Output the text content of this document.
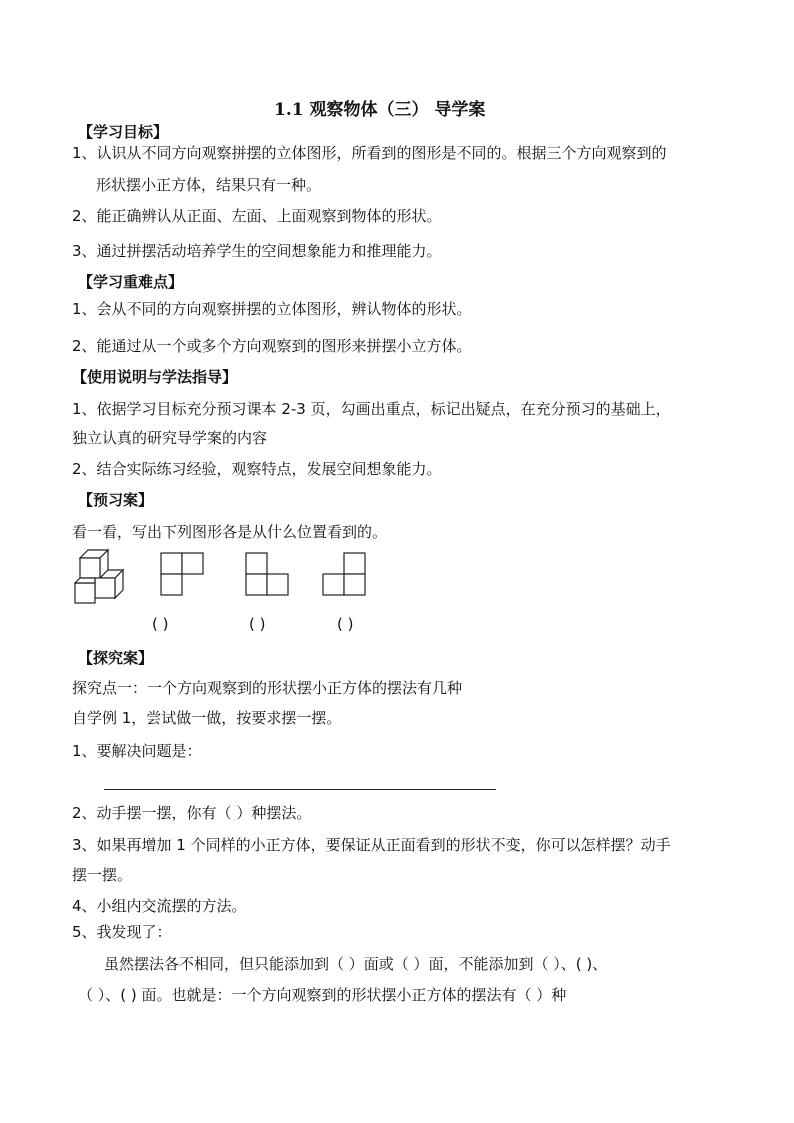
1.1 观察物体（三） 导学案
【学习目标】
1、认识从不同方向观察拼摆的立体图形，所看到的图形是不同的。根据三个方向观察到的
形状摆小正方体，结果只有一种。
2、能正确辨认从正面、左面、上面观察到物体的形状。
3、通过拼摆活动培养学生的空间想象能力和推理能力。
【学习重难点】
1、会从不同的方向观察拼摆的立体图形，辨认物体的形状。
2、能通过从一个或多个方向观察到的图形来拼摆小立方体。
【使用说明与学法指导】
1、依据学习目标充分预习课本 2-3 页，勾画出重点，标记出疑点，在充分预习的基础上，
独立认真的研究导学案的内容
2、结合实际练习经验，观察特点，发展空间想象能力。
【预习案】
看一看，写出下列图形各是从什么位置看到的。
( )	( )	( )
【探究案】
探究点一：一个方向观察到的形状摆小正方体的摆法有几种
自学例 1，尝试做一做，按要求摆一摆。
1、要解决问题是：
2、动手摆一摆，你有（ ）种摆法。
3、如果再增加 1 个同样的小正方体，要保证从正面看到的形状不变，你可以怎样摆？动手
摆一摆。
4、小组内交流摆的方法。
5、我发现了：
虽然摆法各不相同，但只能添加到（ ）面或（ ）面，不能添加到（ ）、( )、
（ ）、( ) 面。也就是：一个方向观察到的形状摆小正方体的摆法有（ ）种
